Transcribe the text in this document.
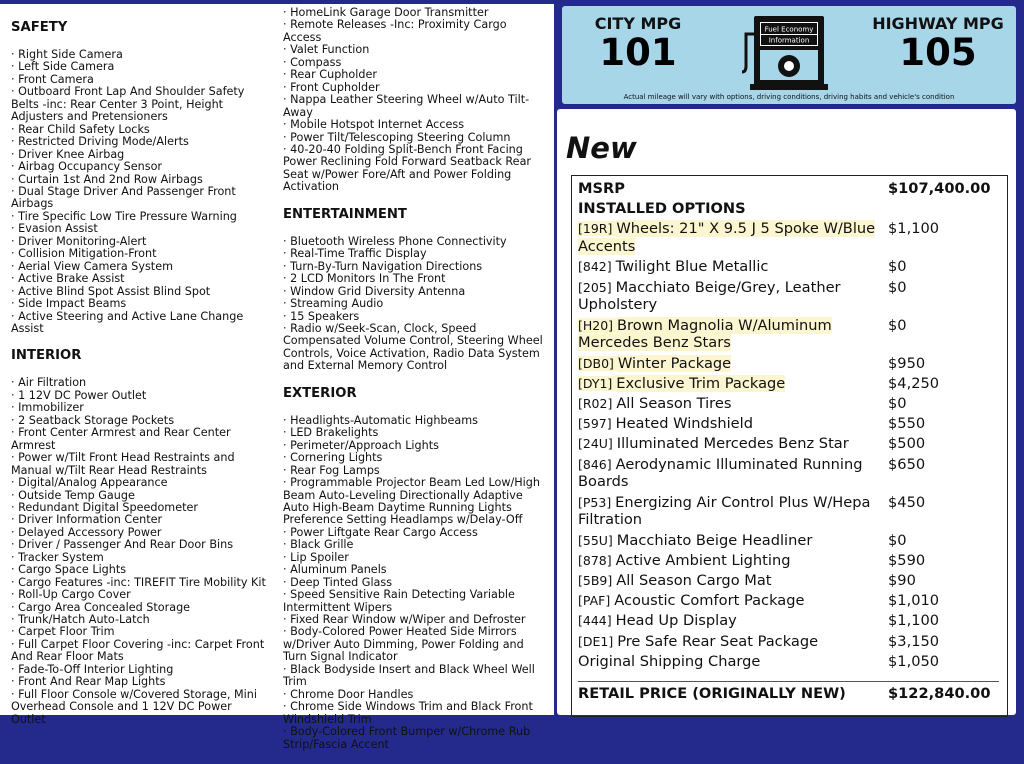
SAFETY
· Right Side Camera
· Left Side Camera
· Front Camera
· Outboard Front Lap And Shoulder Safety Belts -inc: Rear Center 3 Point, Height Adjusters and Pretensioners
· Rear Child Safety Locks
· Restricted Driving Mode/Alerts
· Driver Knee Airbag
· Airbag Occupancy Sensor
· Curtain 1st And 2nd Row Airbags
· Dual Stage Driver And Passenger Front Airbags
· Tire Specific Low Tire Pressure Warning
· Evasion Assist
· Driver Monitoring-Alert
· Collision Mitigation-Front
· Aerial View Camera System
· Active Brake Assist
· Active Blind Spot Assist Blind Spot
· Side Impact Beams
· Active Steering and Active Lane Change Assist
INTERIOR
· Air Filtration
· 1 12V DC Power Outlet
· Immobilizer
· 2 Seatback Storage Pockets
· Front Center Armrest and Rear Center Armrest
· Power w/Tilt Front Head Restraints and Manual w/Tilt Rear Head Restraints
· Digital/Analog Appearance
· Outside Temp Gauge
· Redundant Digital Speedometer
· Driver Information Center
· Delayed Accessory Power
· Driver / Passenger And Rear Door Bins
· Tracker System
· Cargo Space Lights
· Cargo Features -inc: TIREFIT Tire Mobility Kit
· Roll-Up Cargo Cover
· Cargo Area Concealed Storage
· Trunk/Hatch Auto-Latch
· Carpet Floor Trim
· Full Carpet Floor Covering -inc: Carpet Front And Rear Floor Mats
· Fade-To-Off Interior Lighting
· Front And Rear Map Lights
· Full Floor Console w/Covered Storage, Mini Overhead Console and 1 12V DC Power Outlet
· HomeLink Garage Door Transmitter
· Remote Releases -Inc: Proximity Cargo Access
· Valet Function
· Compass
· Rear Cupholder
· Front Cupholder
· Nappa Leather Steering Wheel w/Auto Tilt-Away
· Mobile Hotspot Internet Access
· Power Tilt/Telescoping Steering Column
· 40-20-40 Folding Split-Bench Front Facing Power Reclining Fold Forward Seatback Rear Seat w/Power Fore/Aft and Power Folding Activation
ENTERTAINMENT
· Bluetooth Wireless Phone Connectivity
· Real-Time Traffic Display
· Turn-By-Turn Navigation Directions
· 2 LCD Monitors In The Front
· Window Grid Diversity Antenna
· Streaming Audio
· 15 Speakers
· Radio w/Seek-Scan, Clock, Speed Compensated Volume Control, Steering Wheel Controls, Voice Activation, Radio Data System and External Memory Control
EXTERIOR
· Headlights-Automatic Highbeams
· LED Brakelights
· Perimeter/Approach Lights
· Cornering Lights
· Rear Fog Lamps
· Programmable Projector Beam Led Low/High Beam Auto-Leveling Directionally Adaptive Auto High-Beam Daytime Running Lights Preference Setting Headlamps w/Delay-Off
· Power Liftgate Rear Cargo Access
· Black Grille
· Lip Spoiler
· Aluminum Panels
· Deep Tinted Glass
· Speed Sensitive Rain Detecting Variable Intermittent Wipers
· Fixed Rear Window w/Wiper and Defroster
· Body-Colored Power Heated Side Mirrors w/Driver Auto Dimming, Power Folding and Turn Signal Indicator
· Black Bodyside Insert and Black Wheel Well Trim
· Chrome Door Handles
· Chrome Side Windows Trim and Black Front Windshield Trim
· Body-Colored Front Bumper w/Chrome Rub Strip/Fascia Accent
CITY MPG
101
Fuel Economy
Information
HIGHWAY MPG
105
Actual mileage will vary with options, driving conditions, driving habits and vehicle's condition
New
MSRP	$107,400.00
INSTALLED OPTIONS
[19R] Wheels: 21" X 9.5 J 5 Spoke W/Blue Accents
$1,100
[842] Twilight Blue Metallic	$0
[205] Macchiato Beige/Grey, Leather Upholstery
$0
[H20] Brown Magnolia W/Aluminum Mercedes Benz Stars
$0
[DB0] Winter Package	$950
[DY1] Exclusive Trim Package	$4,250
[R02] All Season Tires	$0
[597] Heated Windshield	$550
[24U] Illuminated Mercedes Benz Star	$500
[846] Aerodynamic Illuminated Running Boards
$650
[P53] Energizing Air Control Plus W/Hepa Filtration
$450
[55U] Macchiato Beige Headliner	$0
[878] Active Ambient Lighting	$590
[5B9] All Season Cargo Mat	$90
[PAF] Acoustic Comfort Package	$1,010
[444] Head Up Display	$1,100
[DE1] Pre Safe Rear Seat Package	$3,150
Original Shipping Charge	$1,050
RETAIL PRICE (ORIGINALLY NEW)	$122,840.00
